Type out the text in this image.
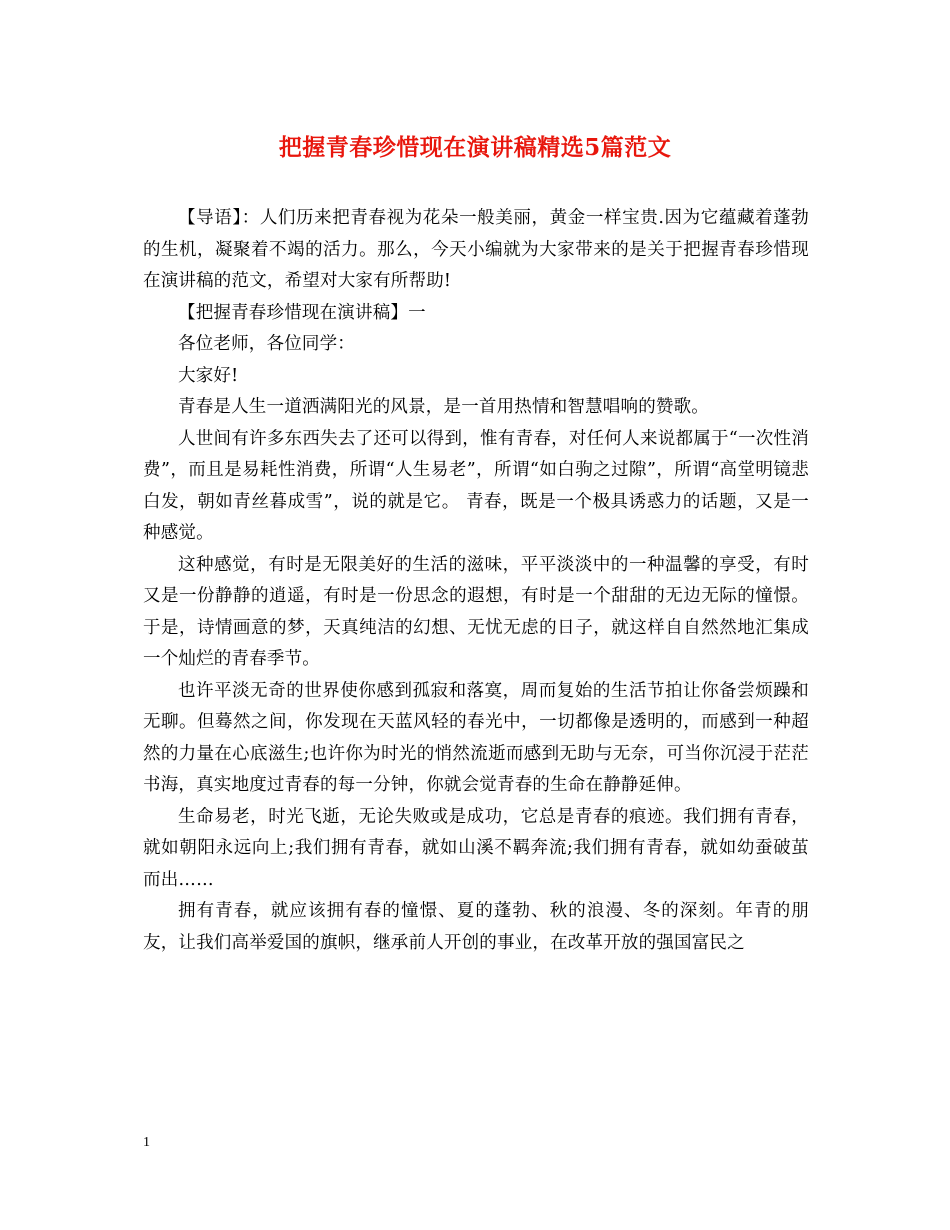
把握青春珍惜现在演讲稿精选5篇范文

【导语】：人们历来把青春视为花朵一般美丽，黄金一样宝贵.因为它蕴藏着蓬勃的生机，凝聚着不竭的活力。那么，今天小编就为大家带来的是关于把握青春珍惜现在演讲稿的范文，希望对大家有所帮助!

【把握青春珍惜现在演讲稿】一

各位老师，各位同学：

大家好!

青春是人生一道洒满阳光的风景，是一首用热情和智慧唱响的赞歌。

人世间有许多东西失去了还可以得到，惟有青春，对任何人来说都属于“一次性消费”，而且是易耗性消费，所谓“人生易老”，所谓“如白驹之过隙”，所谓“高堂明镜悲白发，朝如青丝暮成雪”，说的就是它。 青春，既是一个极具诱惑力的话题，又是一种感觉。

这种感觉，有时是无限美好的生活的滋味，平平淡淡中的一种温馨的享受，有时又是一份静静的逍遥，有时是一份思念的遐想，有时是一个甜甜的无边无际的憧憬。于是，诗情画意的梦，天真纯洁的幻想、无忧无虑的日子，就这样自自然然地汇集成一个灿烂的青春季节。

也许平淡无奇的世界使你感到孤寂和落寞，周而复始的生活节拍让你备尝烦躁和无聊。但蓦然之间，你发现在天蓝风轻的春光中，一切都像是透明的，而感到一种超然的力量在心底滋生;也许你为时光的悄然流逝而感到无助与无奈，可当你沉浸于茫茫书海，真实地度过青春的每一分钟，你就会觉青春的生命在静静延伸。

生命易老，时光飞逝，无论失败或是成功，它总是青春的痕迹。我们拥有青春，就如朝阳永远向上;我们拥有青春，就如山溪不羁奔流;我们拥有青春，就如幼蚕破茧而出……

拥有青春，就应该拥有春的憧憬、夏的蓬勃、秋的浪漫、冬的深刻。年青的朋友，让我们高举爱国的旗帜，继承前人开创的事业，在改革开放的强国富民之

1
